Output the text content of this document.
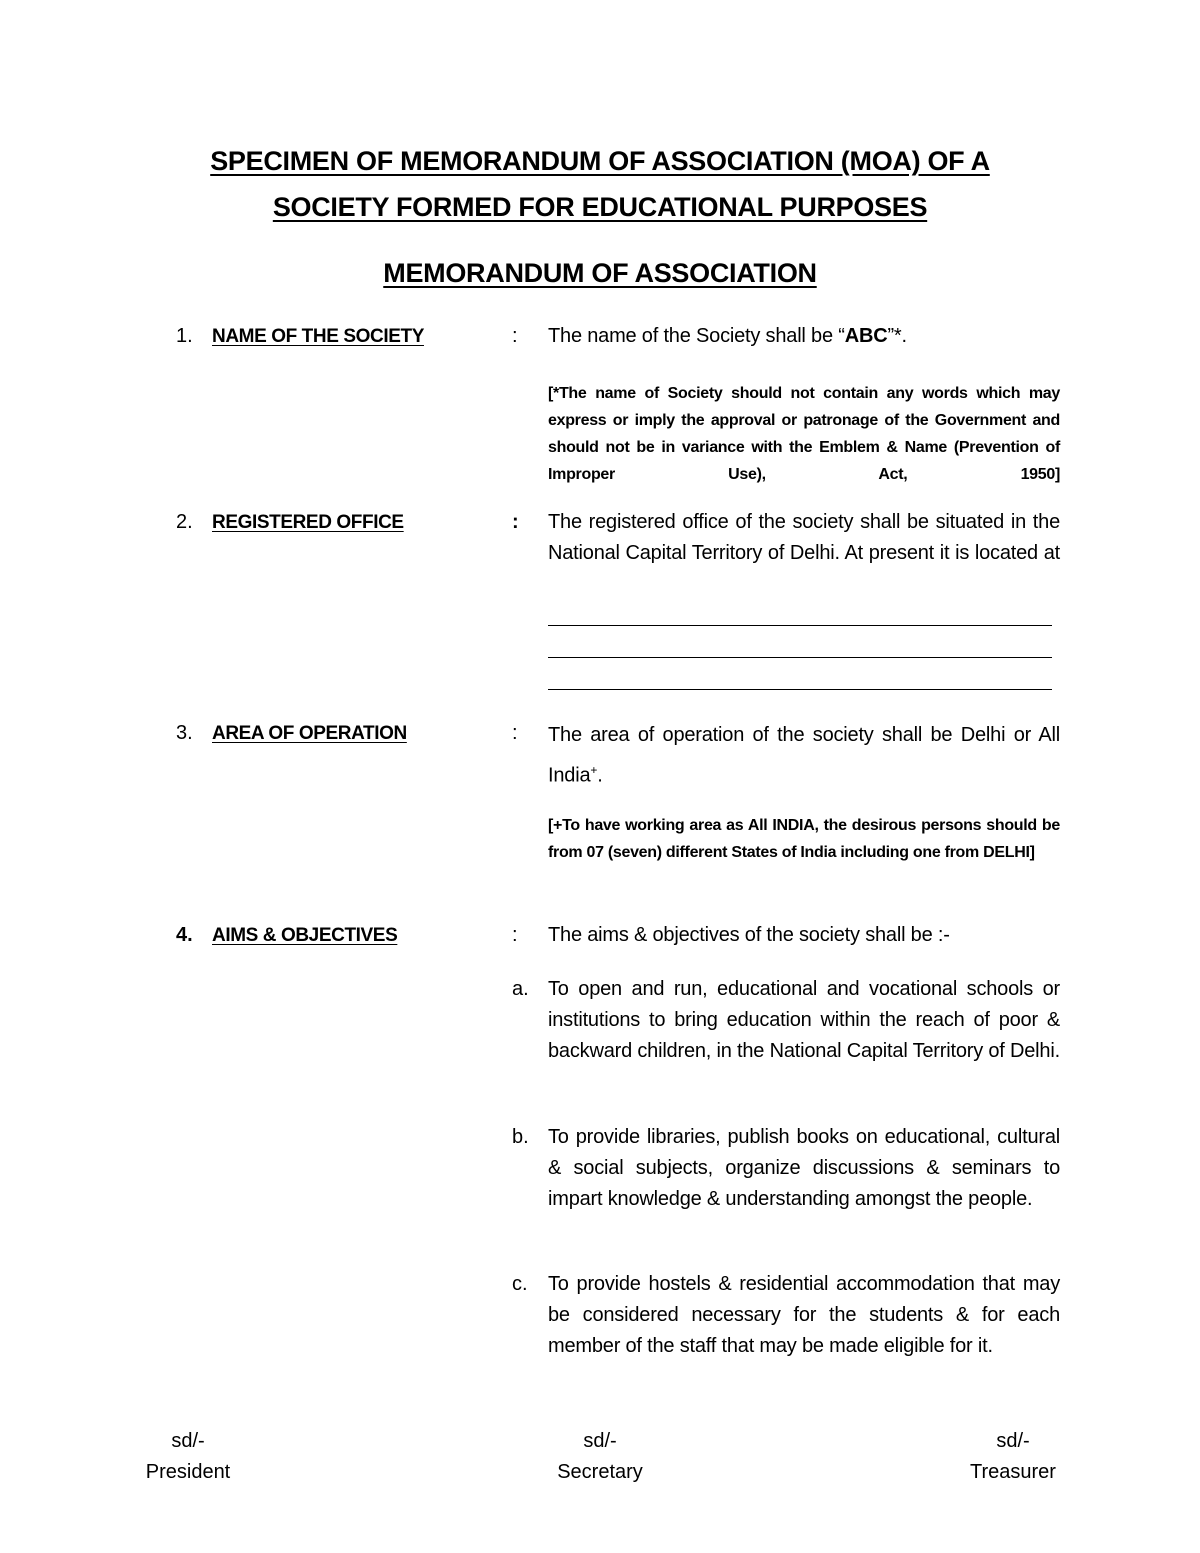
SPECIMEN OF MEMORANDUM OF ASSOCIATION (MOA) OF A
SOCIETY FORMED FOR EDUCATIONAL PURPOSES
MEMORANDUM OF ASSOCIATION
1. NAME OF THE SOCIETY	: The name of the Society shall be “ABC”*.
[*The name of Society should not contain any words which may express or imply the approval or patronage of the Government and should not be in variance with the Emblem & Name (Prevention of Improper Use), Act, 1950]
2. REGISTERED OFFICE	: The registered office of the society shall be situated in the National Capital Territory of Delhi. At present it is located at
3. AREA OF OPERATION	: The area of operation of the society shall be Delhi or All India+.
[+To have working area as All INDIA, the desirous persons should be from 07 (seven) different States of India including one from DELHI]
4. AIMS & OBJECTIVES	: The aims & objectives of the society shall be :-
a. To open and run, educational and vocational schools or institutions to bring education within the reach of poor & backward children, in the National Capital Territory of Delhi.
b. To provide libraries, publish books on educational, cultural & social subjects, organize discussions & seminars to impart knowledge & understanding amongst the people.
c. To provide hostels & residential accommodation that may be considered necessary for the students & for each member of the staff that may be made eligible for it.
sd/-
President
sd/-
Secretary
sd/-
Treasurer
